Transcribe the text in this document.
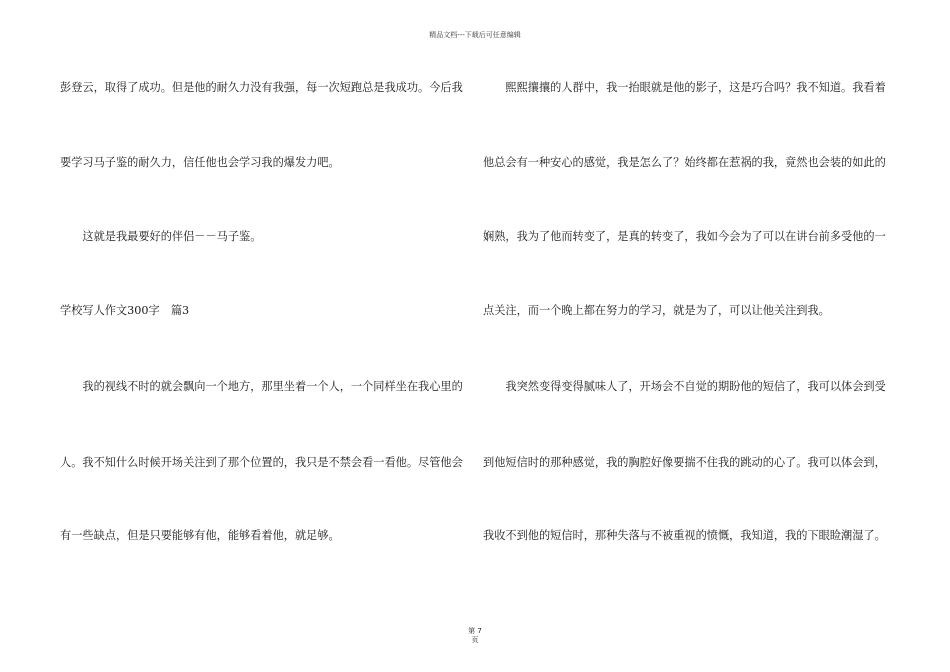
精品文档---下载后可任意编辑
彭登云，取得了成功。但是他的耐久力没有我强，每一次短跑总是我成功。今后我
要学习马子鉴的耐久力，信任他也会学习我的爆发力吧。
　　这就是我最要好的伴侣－－马子鉴。
学校写人作文300字　篇3
　　我的视线不时的就会飘向一个地方，那里坐着一个人，一个同样坐在我心里的
人。我不知什么时候开场关注到了那个位置的，我只是不禁会看一看他。尽管他会
有一些缺点，但是只要能够有他，能够看着他，就足够。
　　熙熙攘攘的人群中，我一抬眼就是他的影子，这是巧合吗？我不知道。我看着
他总会有一种安心的感觉，我是怎么了？始终都在惹祸的我，竟然也会装的如此的
娴熟，我为了他而转变了，是真的转变了，我如今会为了可以在讲台前多受他的一
点关注，而一个晚上都在努力的学习，就是为了，可以让他关注到我。
　　我突然变得变得腻味人了，开场会不自觉的期盼他的短信了，我可以体会到受
到他短信时的那种感觉，我的胸腔好像要揣不住我的跳动的心了。我可以体会到，
我收不到他的短信时，那种失落与不被重视的愤慨，我知道，我的下眼睑潮湿了。
第 7
页
